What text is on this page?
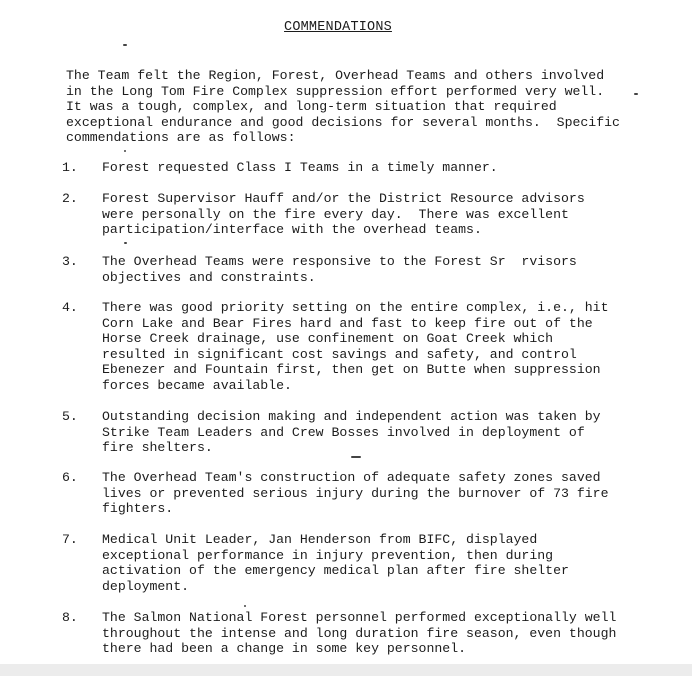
COMMENDATIONS
The Team felt the Region, Forest, Overhead Teams and others involved
in the Long Tom Fire Complex suppression effort performed very well.
It was a tough, complex, and long-term situation that required
exceptional endurance and good decisions for several months.  Specific
commendations are as follows:
1.	Forest requested Class I Teams in a timely manner.
2.	Forest Supervisor Hauff and/or the District Resource advisors
were personally on the fire every day.  There was excellent
participation/interface with the overhead teams.
3.	The Overhead Teams were responsive to the Forest Sr  rvisors
objectives and constraints.
4.	There was good priority setting on the entire complex, i.e., hit
Corn Lake and Bear Fires hard and fast to keep fire out of the
Horse Creek drainage, use confinement on Goat Creek which
resulted in significant cost savings and safety, and control
Ebenezer and Fountain first, then get on Butte when suppression
forces became available.
5.	Outstanding decision making and independent action was taken by
Strike Team Leaders and Crew Bosses involved in deployment of
fire shelters.
6.	The Overhead Team's construction of adequate safety zones saved
lives or prevented serious injury during the burnover of 73 fire
fighters.
7.	Medical Unit Leader, Jan Henderson from BIFC, displayed
exceptional performance in injury prevention, then during
activation of the emergency medical plan after fire shelter
deployment.
8.	The Salmon National Forest personnel performed exceptionally well
throughout the intense and long duration fire season, even though
there had been a change in some key personnel.
